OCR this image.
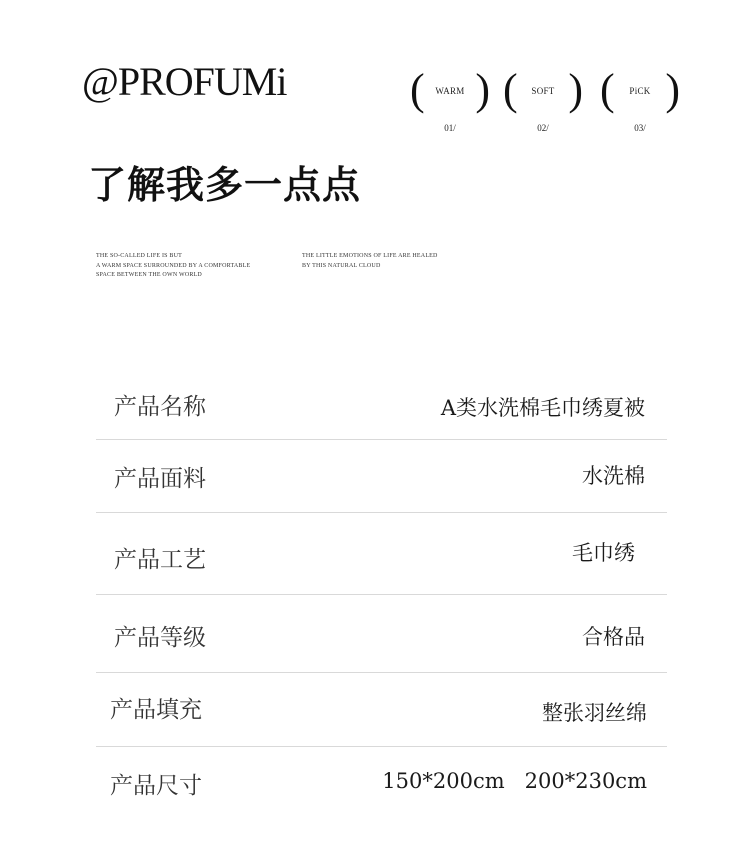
@PROFUMi	(	WARM )
01/
(	SOFT )
02/
(	PiCK )
03/
了解我多一点点
THE SO-CALLED LIFE IS BUT
A WARM SPACE SURROUNDED BY A COMFORTABLE
SPACE BETWEEN THE OWN WORLD
THE LITTLE EMOTIONS OF LIFE ARE HEALED
BY THIS NATURAL CLOUD
产品名称	A类水洗棉毛巾绣夏被
产品面料	水洗棉
产品工艺	毛巾绣
产品等级	合格品
产品填充	整张羽丝绵
产品尺寸	150*200cm   200*230cm
